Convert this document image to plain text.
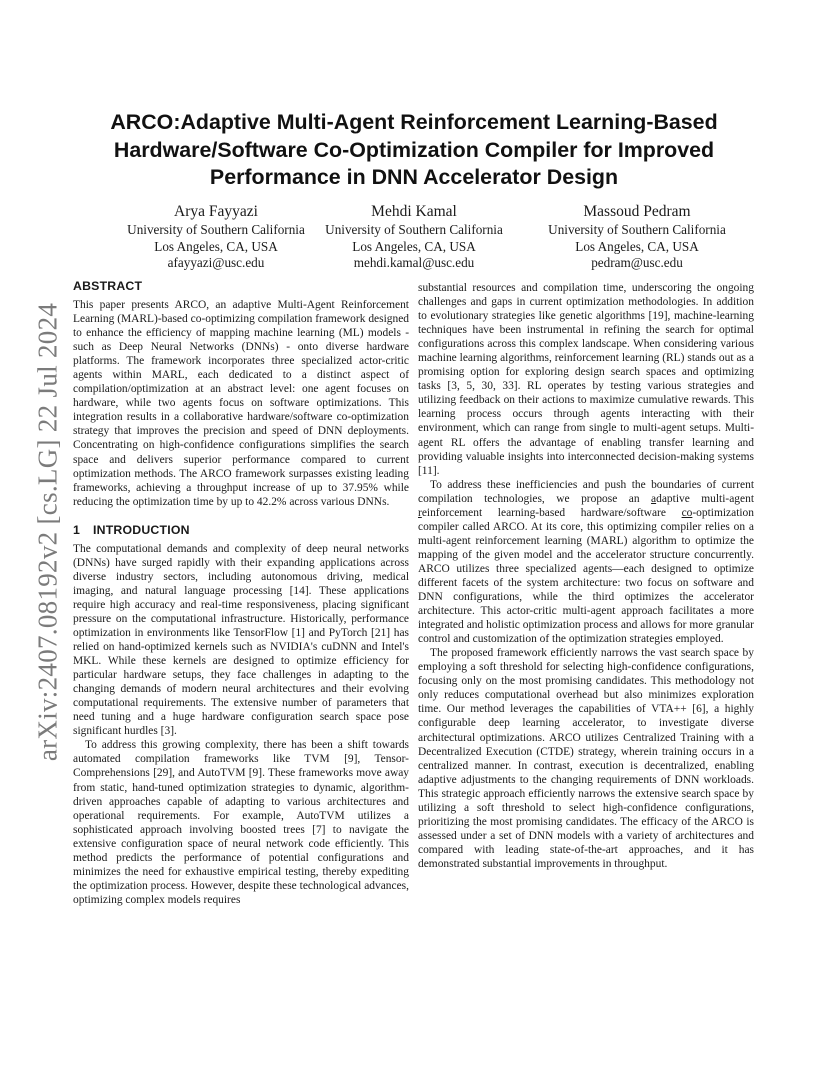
arXiv:2407.08192v2 [cs.LG] 22 Jul 2024
ARCO:Adaptive Multi-Agent Reinforcement Learning-Based Hardware/Software Co-Optimization Compiler for Improved Performance in DNN Accelerator Design
Arya Fayyazi
University of Southern California
Los Angeles, CA, USA
afayyazi@usc.edu
Mehdi Kamal
University of Southern California
Los Angeles, CA, USA
mehdi.kamal@usc.edu
Massoud Pedram
University of Southern California
Los Angeles, CA, USA
pedram@usc.edu
ABSTRACT

This paper presents ARCO, an adaptive Multi-Agent Reinforcement Learning (MARL)-based co-optimizing compilation framework designed to enhance the efficiency of mapping machine learning (ML) models - such as Deep Neural Networks (DNNs) - onto diverse hardware platforms. The framework incorporates three specialized actor-critic agents within MARL, each dedicated to a distinct aspect of compilation/optimization at an abstract level: one agent focuses on hardware, while two agents focus on software optimizations. This integration results in a collaborative hardware/software co-optimization strategy that improves the precision and speed of DNN deployments. Concentrating on high-confidence configurations simplifies the search space and delivers superior performance compared to current optimization methods. The ARCO framework surpasses existing leading frameworks, achieving a throughput increase of up to 37.95% while reducing the optimization time by up to 42.2% across various DNNs.

1 INTRODUCTION

The computational demands and complexity of deep neural networks (DNNs) have surged rapidly with their expanding applications across diverse industry sectors, including autonomous driving, medical imaging, and natural language processing [14]. These applications require high accuracy and real-time responsiveness, placing significant pressure on the computational infrastructure. Historically, performance optimization in environments like TensorFlow [1] and PyTorch [21] has relied on hand-optimized kernels such as NVIDIA's cuDNN and Intel's MKL. While these kernels are designed to optimize efficiency for particular hardware setups, they face challenges in adapting to the changing demands of modern neural architectures and their evolving computational requirements. The extensive number of parameters that need tuning and a huge hardware configuration search space pose significant hurdles [3].

To address this growing complexity, there has been a shift towards automated compilation frameworks like TVM [9], Tensor-Comprehensions [29], and AutoTVM [9]. These frameworks move away from static, hand-tuned optimization strategies to dynamic, algorithm-driven approaches capable of adapting to various architectures and operational requirements. For example, AutoTVM utilizes a sophisticated approach involving boosted trees [7] to navigate the extensive configuration space of neural network code efficiently. This method predicts the performance of potential configurations and minimizes the need for exhaustive empirical testing, thereby expediting the optimization process. However, despite these technological advances, optimizing complex models requires

substantial resources and compilation time, underscoring the ongoing challenges and gaps in current optimization methodologies. In addition to evolutionary strategies like genetic algorithms [19], machine-learning techniques have been instrumental in refining the search for optimal configurations across this complex landscape. When considering various machine learning algorithms, reinforcement learning (RL) stands out as a promising option for exploring design search spaces and optimizing tasks [3, 5, 30, 33]. RL operates by testing various strategies and utilizing feedback on their actions to maximize cumulative rewards. This learning process occurs through agents interacting with their environment, which can range from single to multi-agent setups. Multi-agent RL offers the advantage of enabling transfer learning and providing valuable insights into interconnected decision-making systems [11].

To address these inefficiencies and push the boundaries of current compilation technologies, we propose an adaptive multi-agent reinforcement learning-based hardware/software co-optimization compiler called ARCO. At its core, this optimizing compiler relies on a multi-agent reinforcement learning (MARL) algorithm to optimize the mapping of the given model and the accelerator structure concurrently. ARCO utilizes three specialized agents—each designed to optimize different facets of the system architecture: two focus on software and DNN configurations, while the third optimizes the accelerator architecture. This actor-critic multi-agent approach facilitates a more integrated and holistic optimization process and allows for more granular control and customization of the optimization strategies employed.

The proposed framework efficiently narrows the vast search space by employing a soft threshold for selecting high-confidence configurations, focusing only on the most promising candidates. This methodology not only reduces computational overhead but also minimizes exploration time. Our method leverages the capabilities of VTA++ [6], a highly configurable deep learning accelerator, to investigate diverse architectural optimizations. ARCO utilizes Centralized Training with a Decentralized Execution (CTDE) strategy, wherein training occurs in a centralized manner. In contrast, execution is decentralized, enabling adaptive adjustments to the changing requirements of DNN workloads. This strategic approach efficiently narrows the extensive search space by utilizing a soft threshold to select high-confidence configurations, prioritizing the most promising candidates. The efficacy of the ARCO is assessed under a set of DNN models with a variety of architectures and compared with leading state-of-the-art approaches, and it has demonstrated substantial improvements in throughput.
